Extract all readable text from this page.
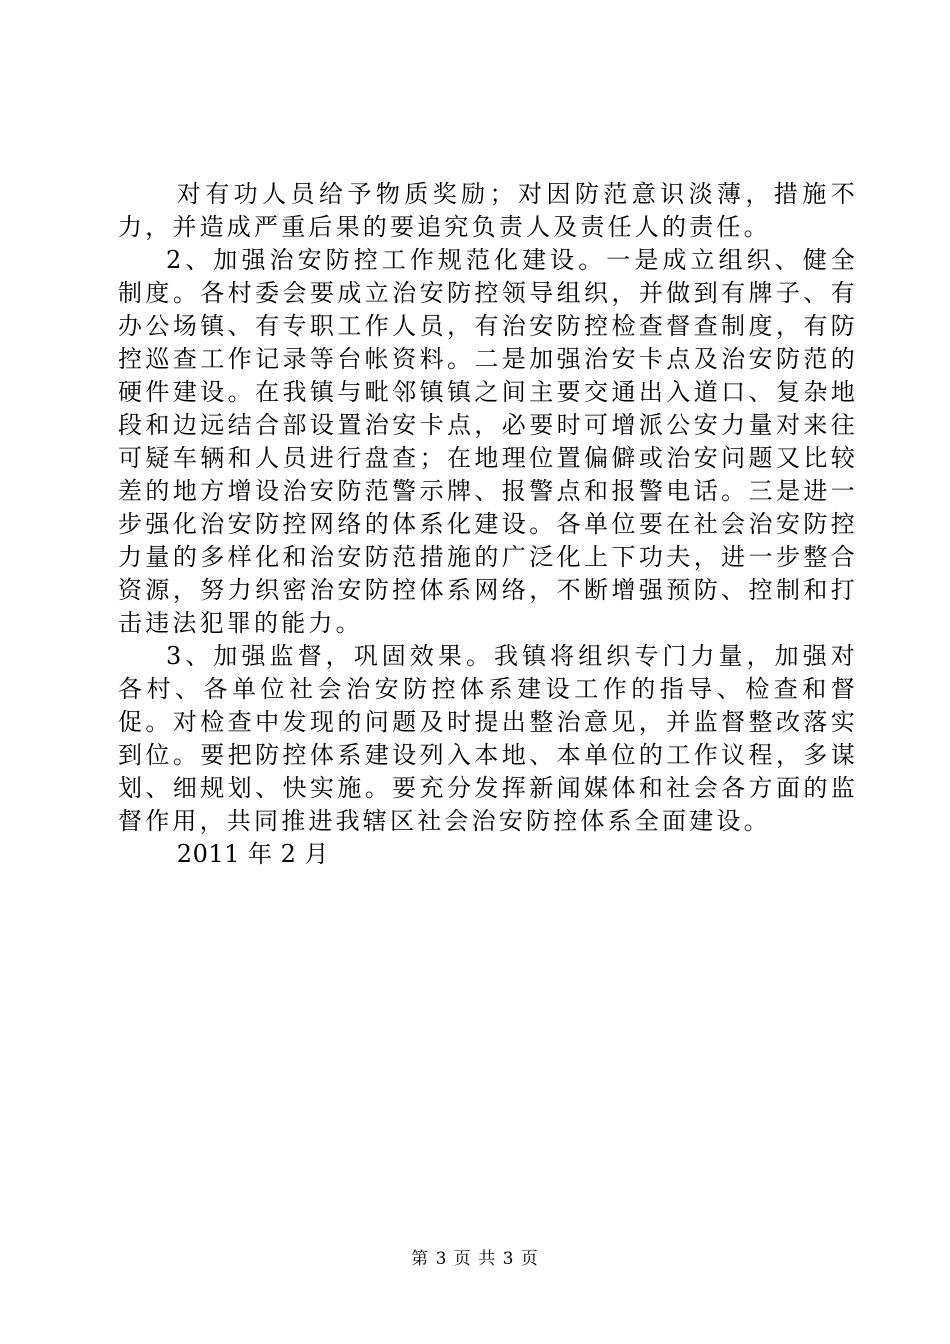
对有功人员给予物质奖励；对因防范意识淡薄，措施不力，并造成严重后果的要追究负责人及责任人的责任。

2、加强治安防控工作规范化建设。一是成立组织、健全制度。各村委会要成立治安防控领导组织，并做到有牌子、有办公场镇、有专职工作人员，有治安防控检查督查制度，有防控巡查工作记录等台帐资料。二是加强治安卡点及治安防范的硬件建设。在我镇与毗邻镇镇之间主要交通出入道口、复杂地段和边远结合部设置治安卡点，必要时可增派公安力量对来往可疑车辆和人员进行盘查；在地理位置偏僻或治安问题又比较差的地方增设治安防范警示牌、报警点和报警电话。三是进一步强化治安防控网络的体系化建设。各单位要在社会治安防控力量的多样化和治安防范措施的广泛化上下功夫，进一步整合资源，努力织密治安防控体系网络，不断增强预防、控制和打击违法犯罪的能力。

3、加强监督，巩固效果。我镇将组织专门力量，加强对各村、各单位社会治安防控体系建设工作的指导、检查和督促。对检查中发现的问题及时提出整治意见，并监督整改落实到位。要把防控体系建设列入本地、本单位的工作议程，多谋划、细规划、快实施。要充分发挥新闻媒体和社会各方面的监督作用，共同推进我辖区社会治安防控体系全面建设。

2011 年 2 月

第 3 页 共 3 页
